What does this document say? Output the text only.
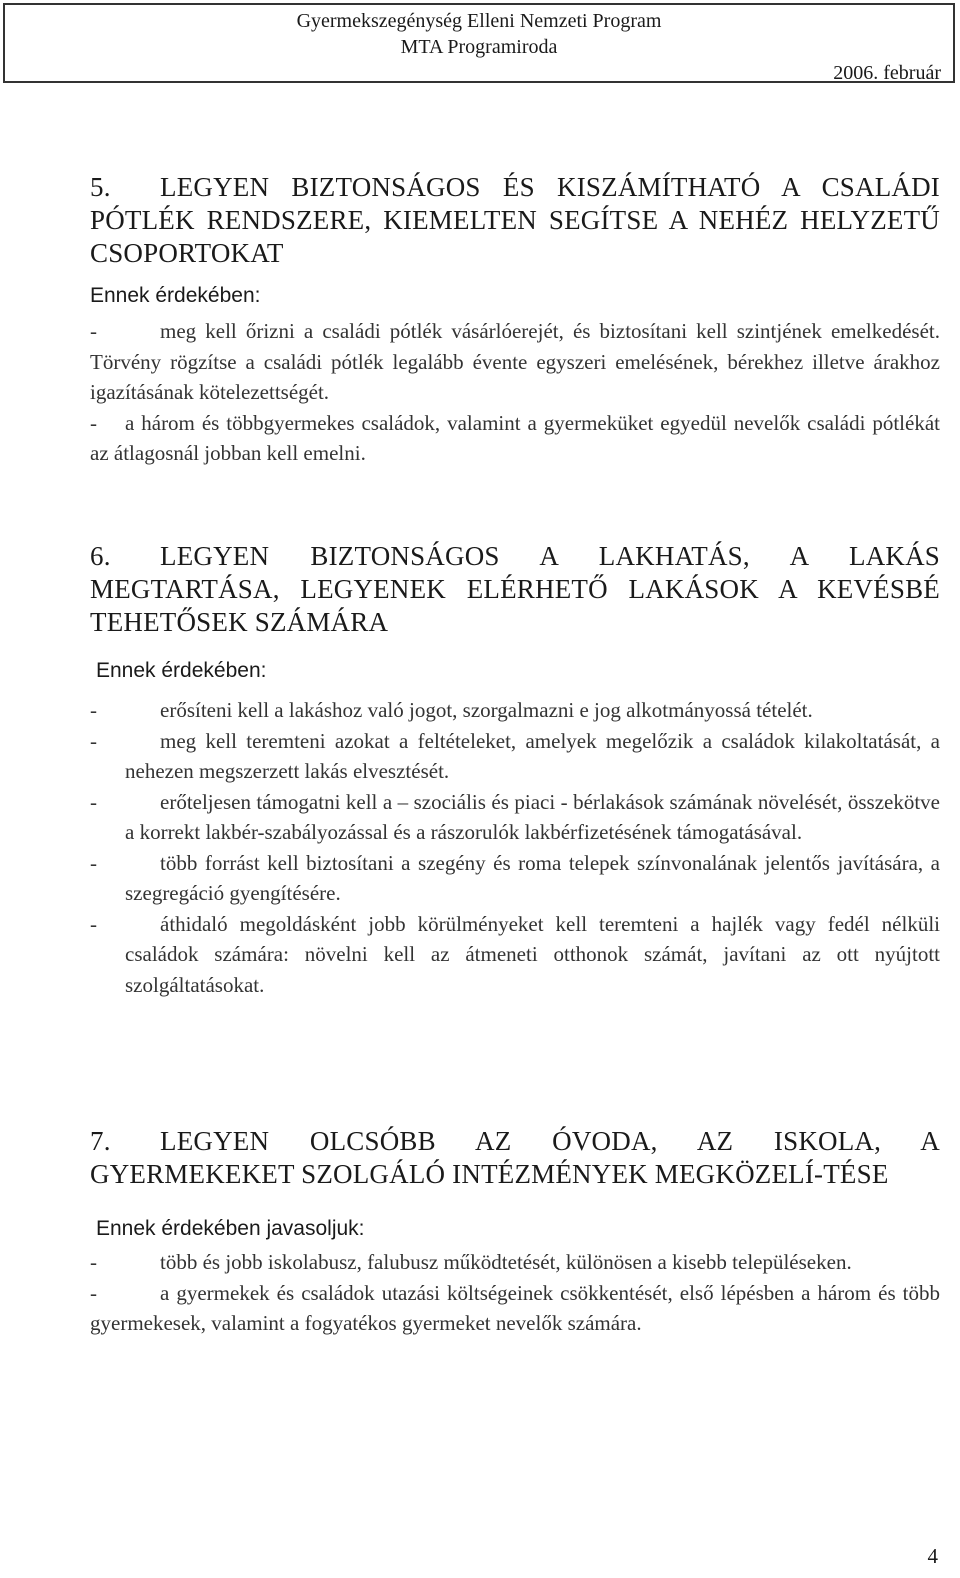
Gyermekszegénység Elleni Nemzeti Program
MTA Programiroda
2006. február

5. LEGYEN BIZTONSÁGOS ÉS KISZÁMÍTHATÓ A CSALÁDI PÓTLÉK RENDSZERE, KIEMELTEN SEGÍTSE A NEHÉZ HELYZETŰ CSOPORTOKAT

Ennek érdekében:

-	meg kell őrizni a családi pótlék vásárlóerejét, és biztosítani kell szintjének emelkedését. Törvény rögzítse a családi pótlék legalább évente egyszeri emelésének, bérekhez illetve árakhoz igazításának kötelezettségét.

- a három és többgyermekes családok, valamint a gyermeküket egyedül nevelők családi pótlékát az átlagosnál jobban kell emelni.

6. LEGYEN BIZTONSÁGOS A LAKHATÁS, A LAKÁS MEGTARTÁSA, LEGYENEK ELÉRHETŐ LAKÁSOK A KEVÉSBÉ TEHETŐSEK SZÁMÁRA

Ennek érdekében:

-	erősíteni kell a lakáshoz való jogot, szorgalmazni e jog alkotmányossá tételét.

-	meg kell teremteni azokat a feltételeket, amelyek megelőzik a családok kilakoltatását, a nehezen megszerzett lakás elvesztését.

-	erőteljesen támogatni kell a – szociális és piaci - bérlakások számának növelését, összekötve a korrekt lakbér-szabályozással és a rászorulók lakbérfizetésének támogatásával.

-	több forrást kell biztosítani a szegény és roma telepek színvonalának jelentős javítására, a szegregáció gyengítésére.

-	áthidaló megoldásként jobb körülményeket kell teremteni a hajlék vagy fedél nélküli családok számára: növelni kell az átmeneti otthonok számát, javítani az ott nyújtott szolgáltatásokat.

7. LEGYEN OLCSÓBB AZ ÓVODA, AZ ISKOLA, A GYERMEKEKET SZOLGÁLÓ INTÉZMÉNYEK MEGKÖZELÍ-TÉSE

Ennek érdekében javasoljuk:

-	több és jobb iskolabusz, falubusz működtetését, különösen a kisebb településeken.

-	a gyermekek és családok utazási költségeinek csökkentését, első lépésben a három és több gyermekesek, valamint a fogyatékos gyermeket nevelők számára.

4
